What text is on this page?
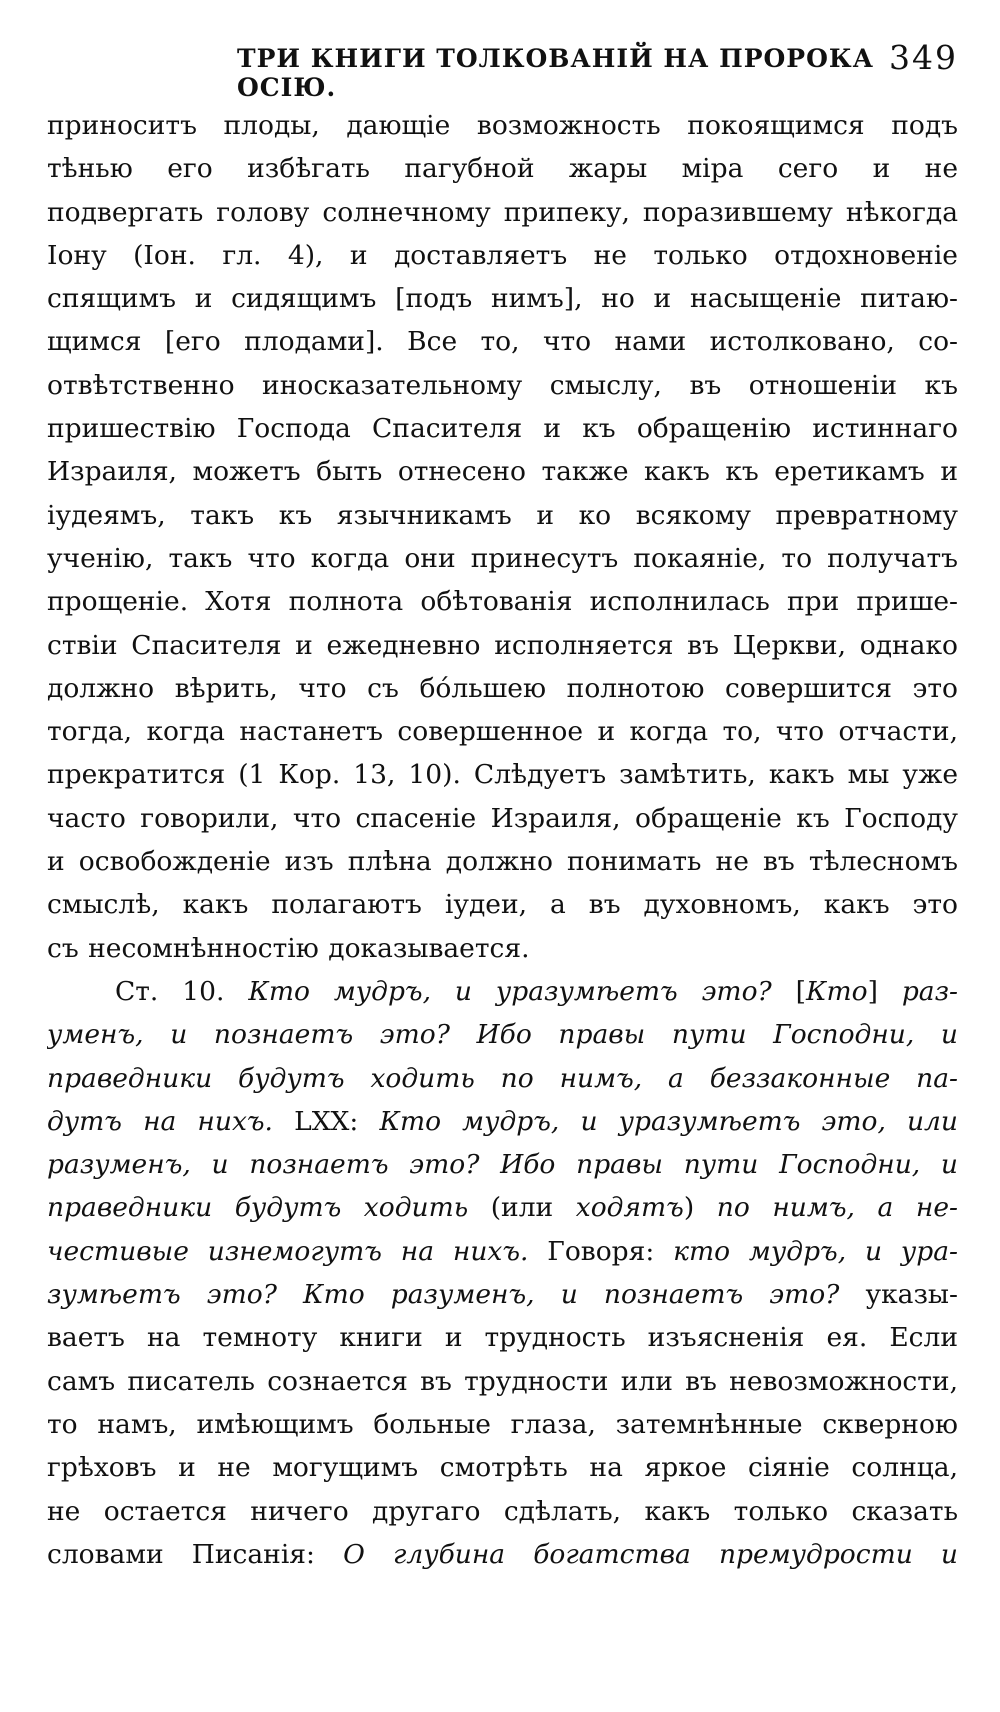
ТРИ КНИГИ ТОЛКОВАНІЙ НА ПРОРОКА ОСІЮ.
349
приноситъ плоды, дающіе возможность покоящимся подъ
тѣнью его избѣгать пагубной жары міра сего и не
подвергать голову солнечному припеку, поразившему нѣкогда
Іону (Іон. гл. 4), и доставляетъ не только отдохновеніе
спящимъ и сидящимъ [подъ нимъ], но и насыщеніе питаю-
щимся [его плодами]. Все то, что нами истолковано, со-
отвѣтственно иносказательному смыслу, въ отношеніи къ
пришествію Господа Спасителя и къ обращенію истиннаго
Израиля, можетъ быть отнесено также какъ къ еретикамъ и
іудеямъ, такъ къ язычникамъ и ко всякому превратному
ученію, такъ что когда они принесутъ покаяніе, то получатъ
прощеніе. Хотя полнота обѣтованія исполнилась при прише-
ствіи Спасителя и ежедневно исполняется въ Церкви, однако
должно вѣрить, что съ бо́льшею полнотою совершится это
тогда, когда настанетъ совершенное и когда то, что отчасти,
прекратится (1 Кор. 13, 10). Слѣдуетъ замѣтить, какъ мы уже
часто говорили, что спасеніе Израиля, обращеніе къ Господу
и освобожденіе изъ плѣна должно понимать не въ тѣлесномъ
смыслѣ, какъ полагаютъ іудеи, а въ духовномъ, какъ это
съ несомнѣнностію доказывается.
Ст. 10. Кто мудръ, и уразумѣетъ это? [Кто] раз-
уменъ, и познаетъ это? Ибо правы пути Господни, и
праведники будутъ ходить по нимъ, а беззаконные па-
дутъ на нихъ. LXX: Кто мудръ, и уразумѣетъ это, или
разуменъ, и познаетъ это? Ибо правы пути Господни, и
праведники будутъ ходить (или ходятъ) по нимъ, а не-
честивые изнемогутъ на нихъ. Говоря: кто мудръ, и ура-
зумѣетъ это? Кто разуменъ, и познаетъ это? указы-
ваетъ на темноту книги и трудность изъясненія ея. Если
самъ писатель сознается въ трудности или въ невозможности,
то намъ, имѣющимъ больные глаза, затемнѣнные скверною
грѣховъ и не могущимъ смотрѣть на яркое сіяніе солнца,
не остается ничего другаго сдѣлать, какъ только сказать
словами Писанія: О глубина богатства премудрости и
